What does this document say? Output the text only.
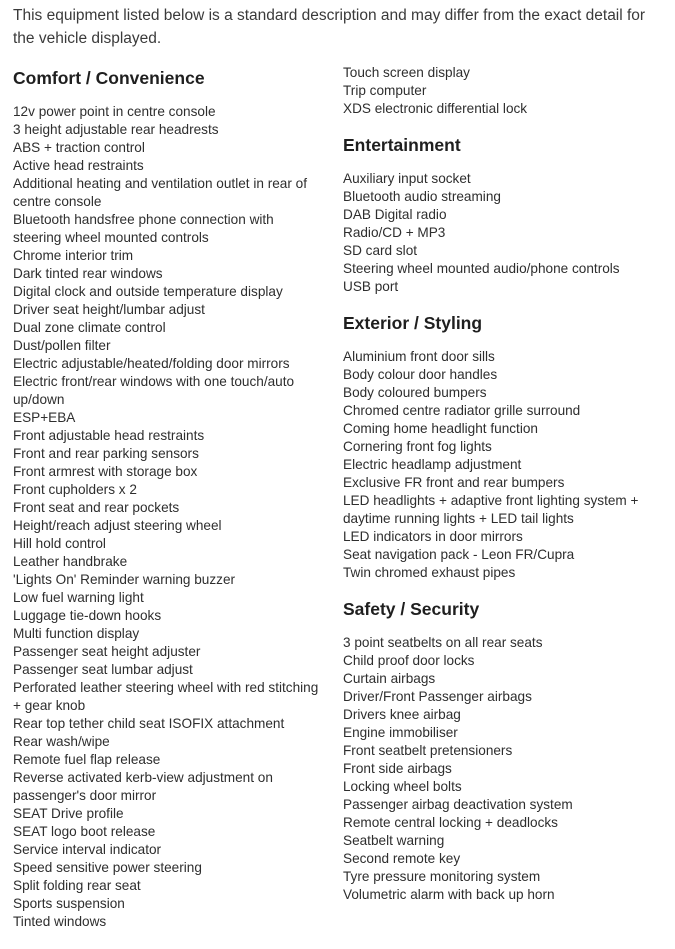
This equipment listed below is a standard description and may differ from the exact detail for the vehicle displayed.

Comfort / Convenience
12v power point in centre console
3 height adjustable rear headrests
ABS + traction control
Active head restraints
Additional heating and ventilation outlet in rear of centre console
Bluetooth handsfree phone connection with steering wheel mounted controls
Chrome interior trim
Dark tinted rear windows
Digital clock and outside temperature display
Driver seat height/lumbar adjust
Dual zone climate control
Dust/pollen filter
Electric adjustable/heated/folding door mirrors
Electric front/rear windows with one touch/auto up/down
ESP+EBA
Front adjustable head restraints
Front and rear parking sensors
Front armrest with storage box
Front cupholders x 2
Front seat and rear pockets
Height/reach adjust steering wheel
Hill hold control
Leather handbrake
'Lights On' Reminder warning buzzer
Low fuel warning light
Luggage tie-down hooks
Multi function display
Passenger seat height adjuster
Passenger seat lumbar adjust
Perforated leather steering wheel with red stitching + gear knob
Rear top tether child seat ISOFIX attachment
Rear wash/wipe
Remote fuel flap release
Reverse activated kerb-view adjustment on passenger's door mirror
SEAT Drive profile
SEAT logo boot release
Service interval indicator
Speed sensitive power steering
Split folding rear seat
Sports suspension
Tinted windows
Touch screen display
Trip computer
XDS electronic differential lock
Entertainment
Auxiliary input socket
Bluetooth audio streaming
DAB Digital radio
Radio/CD + MP3
SD card slot
Steering wheel mounted audio/phone controls
USB port
Exterior / Styling
Aluminium front door sills
Body colour door handles
Body coloured bumpers
Chromed centre radiator grille surround
Coming home headlight function
Cornering front fog lights
Electric headlamp adjustment
Exclusive FR front and rear bumpers
LED headlights + adaptive front lighting system + daytime running lights + LED tail lights
LED indicators in door mirrors
Seat navigation pack - Leon FR/Cupra
Twin chromed exhaust pipes
Safety / Security
3 point seatbelts on all rear seats
Child proof door locks
Curtain airbags
Driver/Front Passenger airbags
Drivers knee airbag
Engine immobiliser
Front seatbelt pretensioners
Front side airbags
Locking wheel bolts
Passenger airbag deactivation system
Remote central locking + deadlocks
Seatbelt warning
Second remote key
Tyre pressure monitoring system
Volumetric alarm with back up horn
